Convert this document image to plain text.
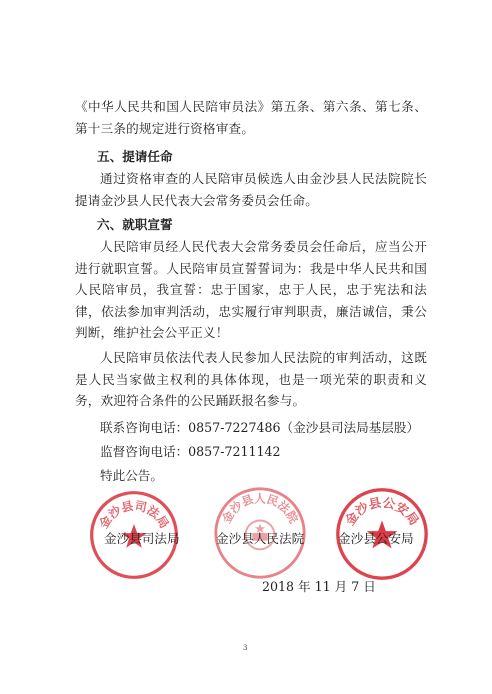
《中华人民共和国人民陪审员法》第五条、第六条、第七条、第十三条的规定进行资格审查。
五、提请任命
通过资格审查的人民陪审员候选人由金沙县人民法院院长提请金沙县人民代表大会常务委员会任命。
六、就职宣誓
人民陪审员经人民代表大会常务委员会任命后，应当公开进行就职宣誓。人民陪审员宣誓誓词为：我是中华人民共和国人民陪审员，我宣誓：忠于国家，忠于人民，忠于宪法和法律，依法参加审判活动，忠实履行审判职责，廉洁诚信，秉公判断，维护社会公平正义！
人民陪审员依法代表人民参加人民法院的审判活动，这既是人民当家做主权利的具体体现，也是一项光荣的职责和义务，欢迎符合条件的公民踊跃报名参与。
联系咨询电话：0857-7227486（金沙县司法局基层股）
监督咨询电话：0857-7211142
特此公告。
金沙县司法局	金沙县人民法院	金沙县公安局
金沙县司法局	金沙县人民法院	金沙县公安局
2018 年 11 月 7 日
3
